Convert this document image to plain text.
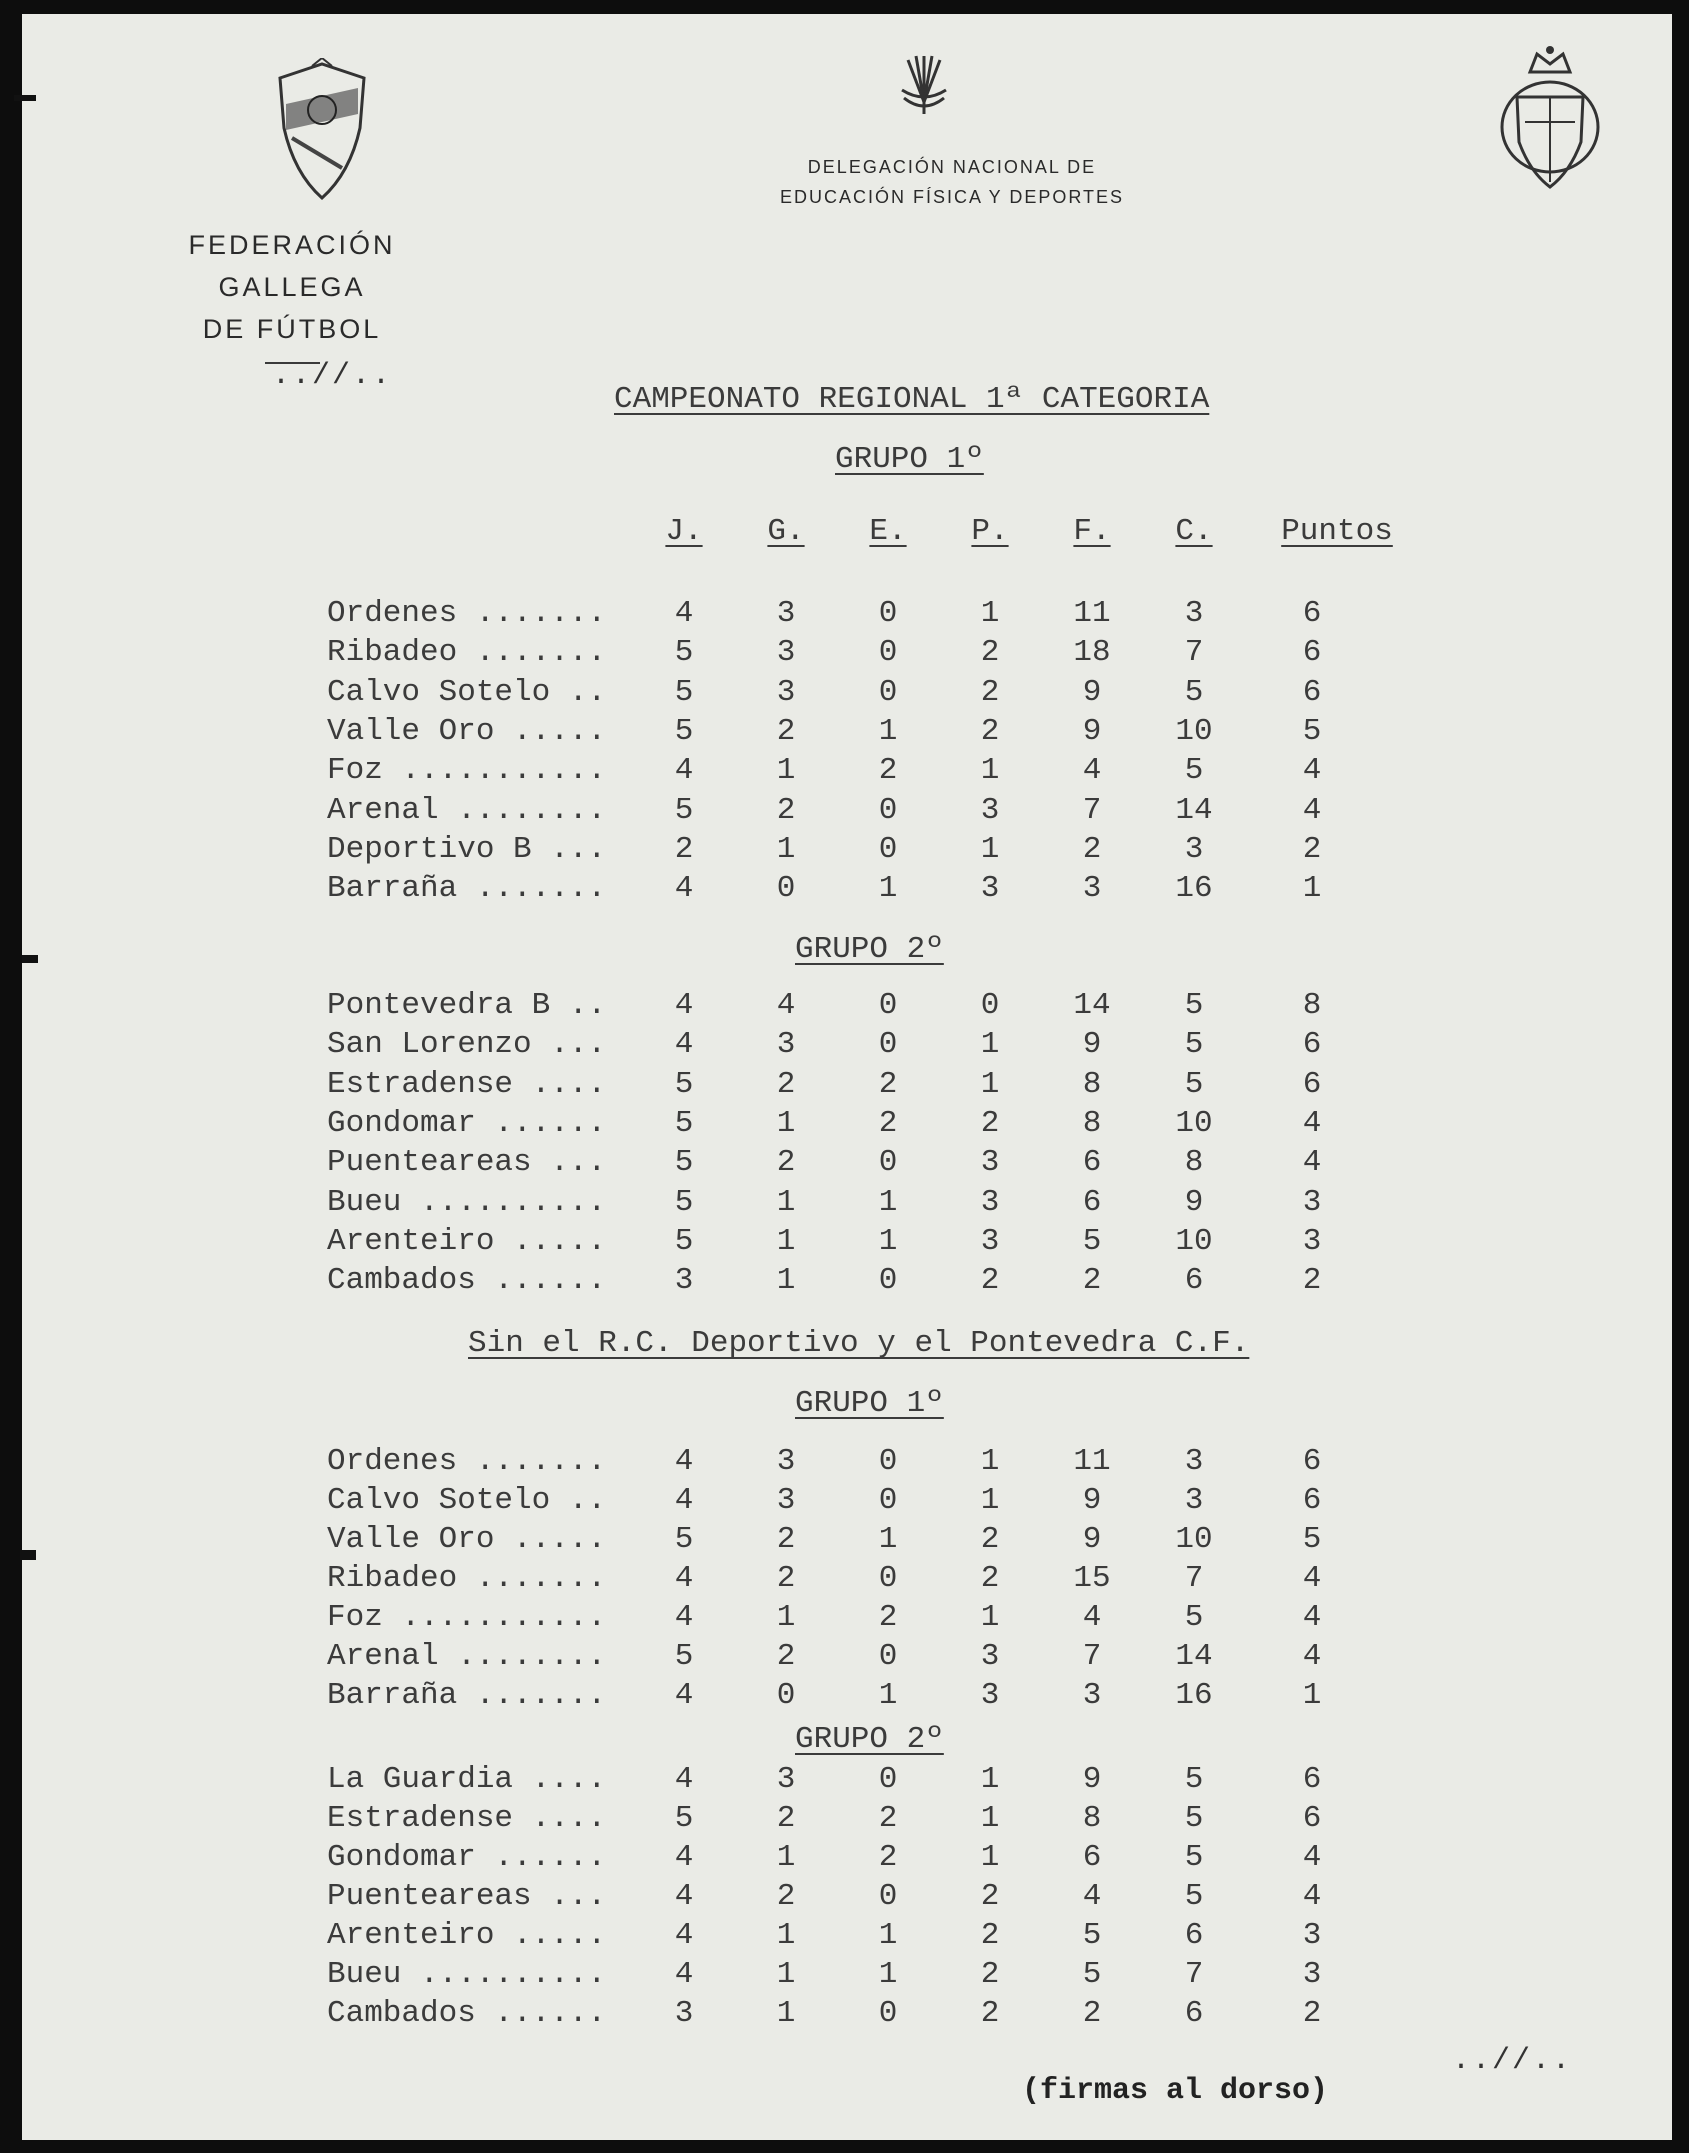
FEDERACIÓN GALLEGA
DE FÚTBOL
DELEGACIÓN NACIONAL DE
EDUCACIÓN FÍSICA Y DEPORTES
..//..
CAMPEONATO REGIONAL 1ª CATEGORIA
GRUPO 1º
J.	G.	E.	P.	F.	C.	Puntos
Ordenes .......	4	3	0	1	11	3	6
Ribadeo .......	5	3	0	2	18	7	6
Calvo Sotelo ..	5	3	0	2	9	5	6
Valle Oro .....	5	2	1	2	9	10	5
Foz ...........	4	1	2	1	4	5	4
Arenal ........	5	2	0	3	7	14	4
Deportivo B ...	2	1	0	1	2	3	2
Barraña .......	4	0	1	3	3	16	1
GRUPO 2º
Pontevedra B ..	4	4	0	0	14	5	8
San Lorenzo ...	4	3	0	1	9	5	6
Estradense ....	5	2	2	1	8	5	6
Gondomar ......	5	1	2	2	8	10	4
Puenteareas ...	5	2	0	3	6	8	4
Bueu ..........	5	1	1	3	6	9	3
Arenteiro .....	5	1	1	3	5	10	3
Cambados ......	3	1	0	2	2	6	2
Sin el R.C. Deportivo y el Pontevedra C.F.
GRUPO 1º
Ordenes .......	4	3	0	1	11	3	6
Calvo Sotelo ..	4	3	0	1	9	3	6
Valle Oro .....	5	2	1	2	9	10	5
Ribadeo .......	4	2	0	2	15	7	4
Foz ...........	4	1	2	1	4	5	4
Arenal ........	5	2	0	3	7	14	4
Barraña .......	4	0	1	3	3	16	1
GRUPO 2º
La Guardia ....	4	3	0	1	9	5	6
Estradense ....	5	2	2	1	8	5	6
Gondomar ......	4	1	2	1	6	5	4
Puenteareas ...	4	2	0	2	4	5	4
Arenteiro .....	4	1	1	2	5	6	3
Bueu ..........	4	1	1	2	5	7	3
Cambados ......	3	1	0	2	2	6	2
..//..
(firmas al dorso)
